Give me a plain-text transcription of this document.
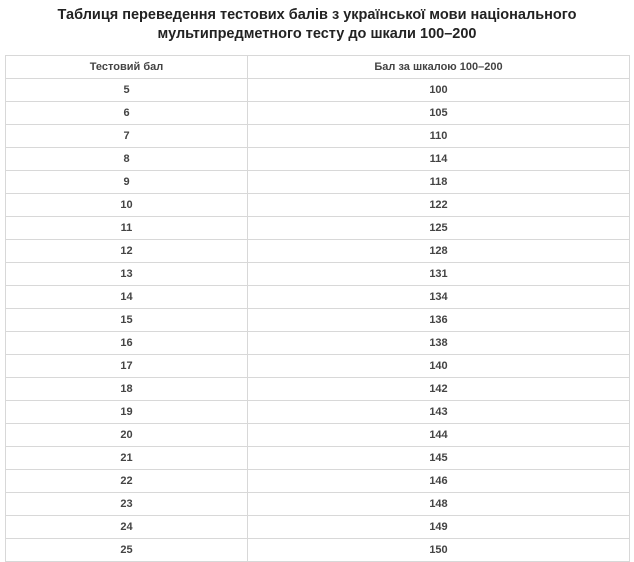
Таблиця переведення тестових балів з української мови національного
мультипредметного тесту до шкали 100–200
Тестовий бал	Бал за шкалою 100–200
5	100
6	105
7	110
8	114
9	118
10	122
11	125
12	128
13	131
14	134
15	136
16	138
17	140
18	142
19	143
20	144
21	145
22	146
23	148
24	149
25	150
